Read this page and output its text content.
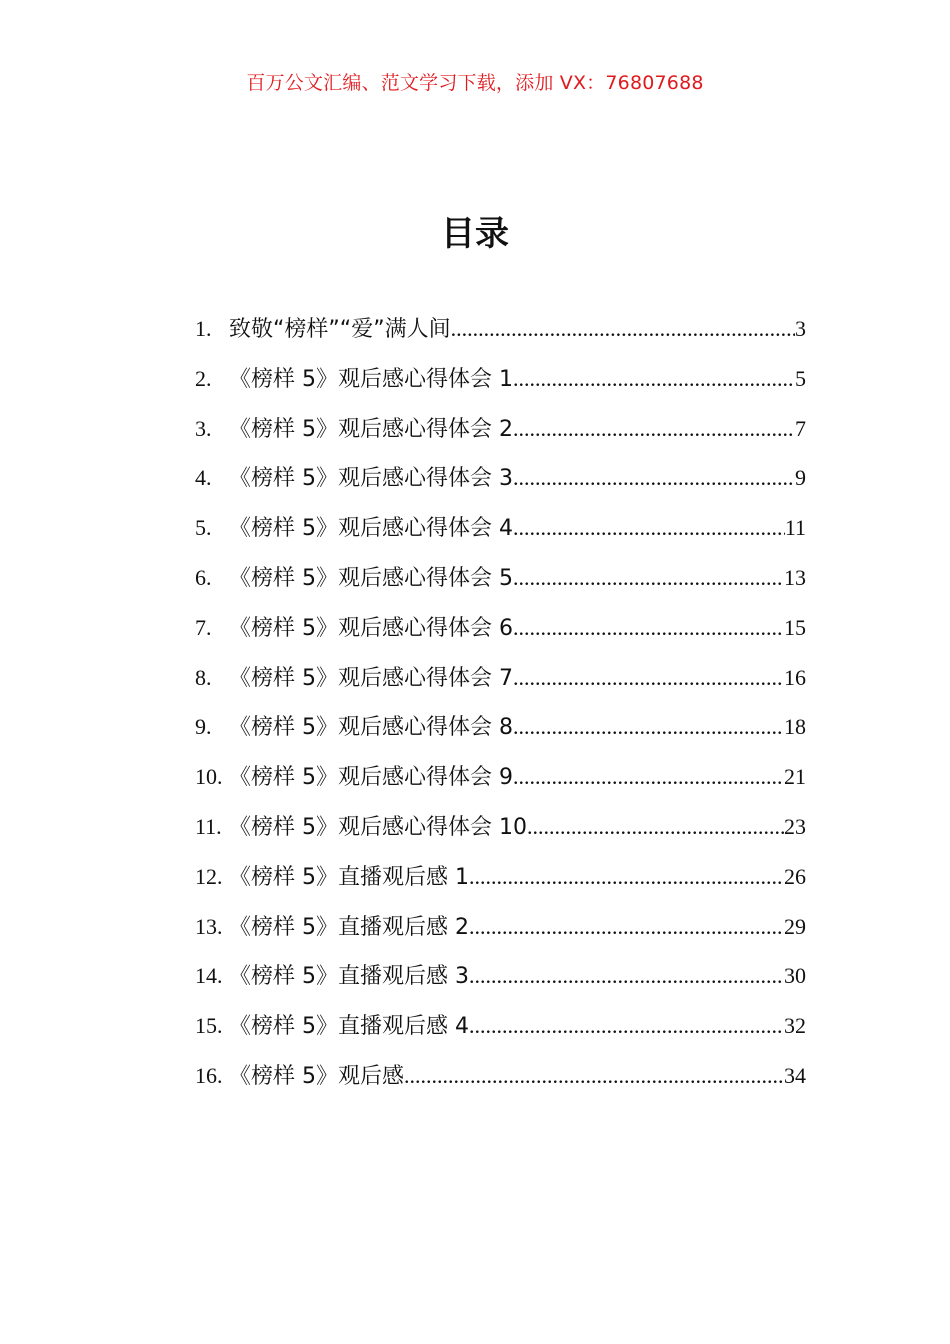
百万公文汇编、范文学习下载，添加 VX：76807688
目录
1. 致敬“榜样”“爱”满人间 .....	3
2. 《榜样 5》观后感心得体会 1 .....	5
3. 《榜样 5》观后感心得体会 2 .....	7
4. 《榜样 5》观后感心得体会 3 .....	9
5. 《榜样 5》观后感心得体会 4 .....	11
6. 《榜样 5》观后感心得体会 5 .....	13
7. 《榜样 5》观后感心得体会 6 .....	15
8. 《榜样 5》观后感心得体会 7 .....	16
9. 《榜样 5》观后感心得体会 8 .....	18
10. 《榜样 5》观后感心得体会 9 .....	21
11. 《榜样 5》观后感心得体会 10 .....	23
12. 《榜样 5》直播观后感 1 .....	26
13. 《榜样 5》直播观后感 2 .....	29
14. 《榜样 5》直播观后感 3 .....	30
15. 《榜样 5》直播观后感 4 .....	32
16. 《榜样 5》观后感 .....	34
